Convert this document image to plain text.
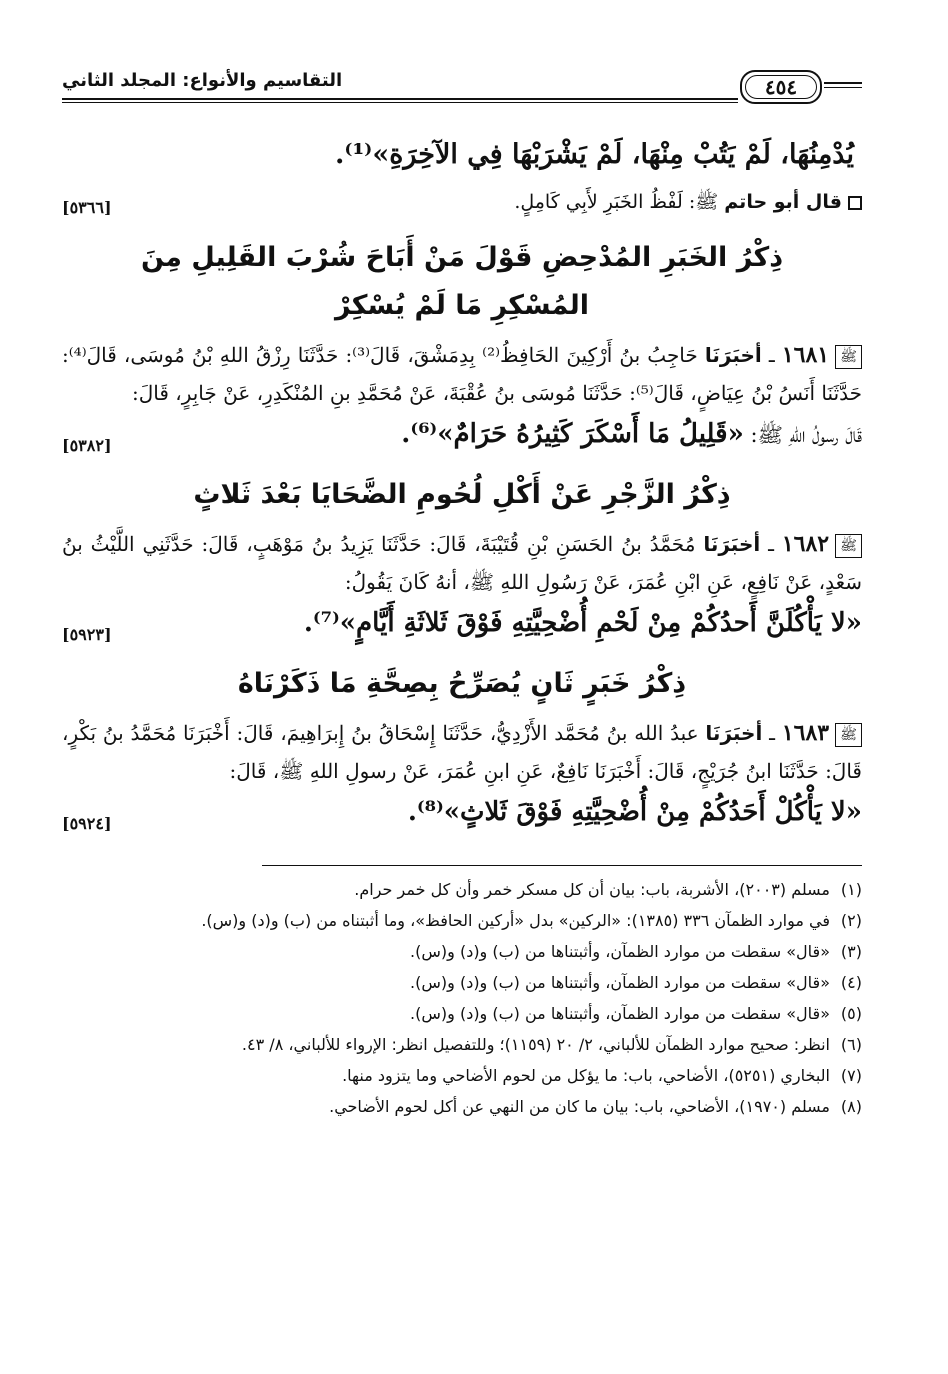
٤٥٤
التقاسيم والأنواع: المجلد الثاني
يُدْمِنُهَا، لَمْ يَتُبْ مِنْهَا، لَمْ يَشْرَبْهَا فِي الآخِرَةِ»⁽¹⁾.
قال أبو حاتم ﷺ: لَفْظُ الخَبَرِ لأَبِي كَامِلٍ.
[٥٣٦٦]
ذِكْرُ الخَبَرِ المُدْحِضِ قَوْلَ مَنْ أَبَاحَ شُرْبَ القَلِيلِ مِنَ المُسْكِرِ مَا لَمْ يُسْكِرْ
ﷺ١٦٨١ ـ أخبَرَنَا حَاجِبُ بنُ أَرْكِينَ الحَافِظُ⁽²⁾ بِدِمَشْقَ، قَالَ⁽³⁾: حَدَّثَنَا رِزْقُ اللهِ بْنُ مُوسَى، قَالَ⁽⁴⁾: حَدَّثَنَا أَنَسُ بْنُ عِيَاضٍ، قَالَ⁽⁵⁾: حَدَّثَنَا مُوسَى بنُ عُقْبَةَ، عَنْ مُحَمَّدِ بنِ المُنْكَدِرِ، عَنْ جَابِرٍ، قَالَ:
قَالَ رسولُ اللهِ ﷺ: «قَلِيلُ مَا أَسْكَرَ كَثِيرُهُ حَرَامٌ»⁽⁶⁾.
[٥٣٨٢]
ذِكْرُ الزَّجْرِ عَنْ أَكْلِ لُحُومِ الضَّحَايَا بَعْدَ ثَلاثٍ
ﷺ١٦٨٢ ـ أخبَرَنَا مُحَمَّدُ بنُ الحَسَنِ بْنِ قُتَيْبَةَ، قَالَ: حَدَّثَنَا يَزِيدُ بنُ مَوْهَبٍ، قَالَ: حَدَّثَنِي اللَّيْثُ بنُ سَعْدٍ، عَنْ نَافِعٍ، عَنِ ابْنِ عُمَرَ، عَنْ رَسُولِ اللهِ ﷺ، أنهُ كَانَ يَقُولُ:
«لا يَأْكُلَنَّ أَحدُكُمْ مِنْ لَحْمِ أُضْحِيَّتِهِ فَوْقَ ثَلاثَةِ أَيَّامٍ»⁽⁷⁾.
[٥٩٢٣]
ذِكْرُ خَبَرٍ ثَانٍ يُصَرِّحُ بِصِحَّةِ مَا ذَكَرْنَاهُ
ﷺ١٦٨٣ ـ أخبَرَنَا عبدُ الله بنُ مُحَمَّد الأَزْدِيُّ، حَدَّثَنَا إِسْحَاقُ بنُ إِبرَاهِيمَ، قَالَ: أَخْبَرَنَا مُحَمَّدُ بنُ بَكْرٍ، قَالَ: حَدَّثَنَا ابنُ جُرَيْجٍ، قَالَ: أَخْبَرَنَا نَافِعٌ، عَنِ ابنِ عُمَرَ، عَنْ رسولِ اللهِ ﷺ، قَالَ:
«لا يَأْكُلْ أَحَدُكُمْ مِنْ أُضْحِيَّتِهِ فَوْقَ ثَلاثٍ»⁽⁸⁾.
[٥٩٢٤]
(١)مسلم (٢٠٠٣)، الأشربة، باب: بيان أن كل مسكر خمر وأن كل خمر حرام.
(٢)في موارد الظمآن ٣٣٦ (١٣٨٥): «الركين» بدل «أركين الحافظ»، وما أثبتناه من (ب) و(د) و(س).
(٣)«قال» سقطت من موارد الظمآن، وأثبتناها من (ب) و(د) و(س).
(٤)«قال» سقطت من موارد الظمآن، وأثبتناها من (ب) و(د) و(س).
(٥)«قال» سقطت من موارد الظمآن، وأثبتناها من (ب) و(د) و(س).
(٦)انظر: صحيح موارد الظمآن للألباني، ٢/ ٢٠ (١١٥٩)؛ وللتفصيل انظر: الإرواء للألباني، ٨/ ٤٣.
(٧)البخاري (٥٢٥١)، الأضاحي، باب: ما يؤكل من لحوم الأضاحي وما يتزود منها.
(٨)مسلم (١٩٧٠)، الأضاحي، باب: بيان ما كان من النهي عن أكل لحوم الأضاحي.
